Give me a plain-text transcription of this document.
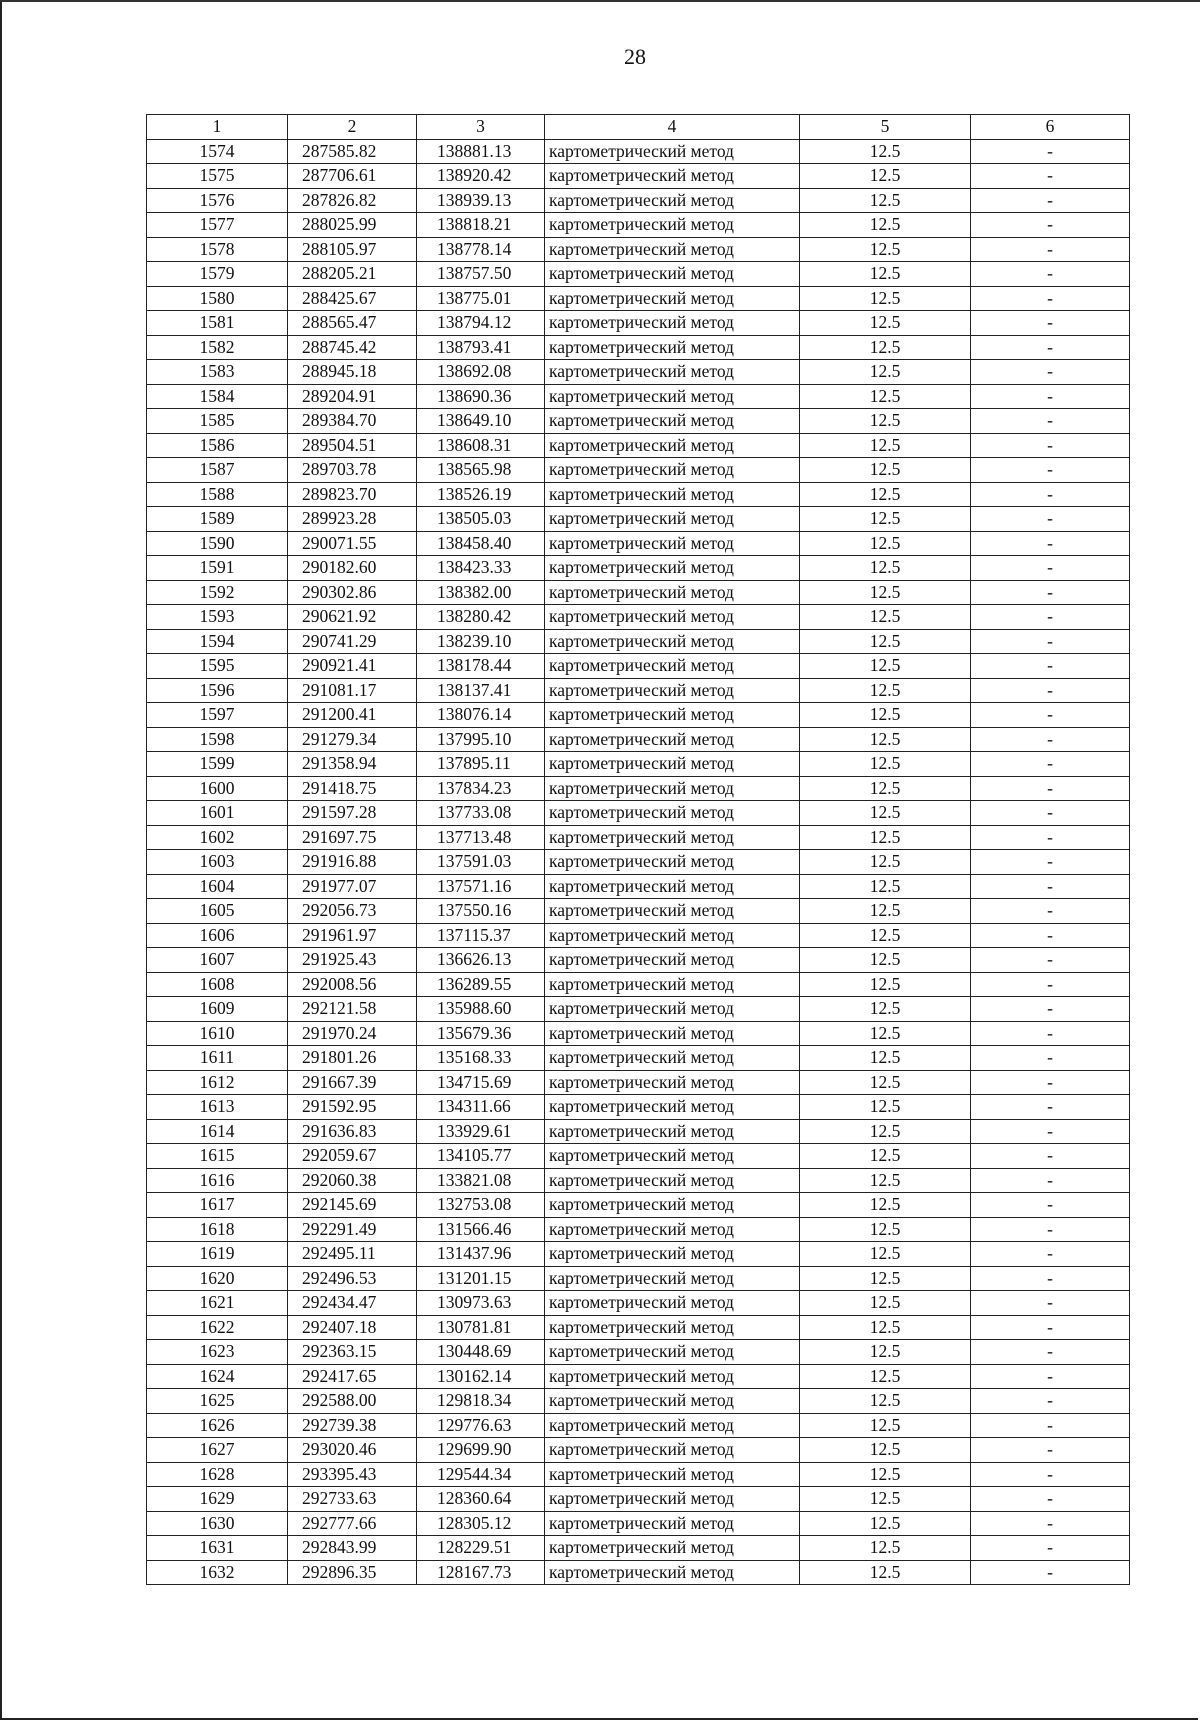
28
1	2	3	4	5	6
1574	287585.82	138881.13	картометрический метод	12.5	-
1575	287706.61	138920.42	картометрический метод	12.5	-
1576	287826.82	138939.13	картометрический метод	12.5	-
1577	288025.99	138818.21	картометрический метод	12.5	-
1578	288105.97	138778.14	картометрический метод	12.5	-
1579	288205.21	138757.50	картометрический метод	12.5	-
1580	288425.67	138775.01	картометрический метод	12.5	-
1581	288565.47	138794.12	картометрический метод	12.5	-
1582	288745.42	138793.41	картометрический метод	12.5	-
1583	288945.18	138692.08	картометрический метод	12.5	-
1584	289204.91	138690.36	картометрический метод	12.5	-
1585	289384.70	138649.10	картометрический метод	12.5	-
1586	289504.51	138608.31	картометрический метод	12.5	-
1587	289703.78	138565.98	картометрический метод	12.5	-
1588	289823.70	138526.19	картометрический метод	12.5	-
1589	289923.28	138505.03	картометрический метод	12.5	-
1590	290071.55	138458.40	картометрический метод	12.5	-
1591	290182.60	138423.33	картометрический метод	12.5	-
1592	290302.86	138382.00	картометрический метод	12.5	-
1593	290621.92	138280.42	картометрический метод	12.5	-
1594	290741.29	138239.10	картометрический метод	12.5	-
1595	290921.41	138178.44	картометрический метод	12.5	-
1596	291081.17	138137.41	картометрический метод	12.5	-
1597	291200.41	138076.14	картометрический метод	12.5	-
1598	291279.34	137995.10	картометрический метод	12.5	-
1599	291358.94	137895.11	картометрический метод	12.5	-
1600	291418.75	137834.23	картометрический метод	12.5	-
1601	291597.28	137733.08	картометрический метод	12.5	-
1602	291697.75	137713.48	картометрический метод	12.5	-
1603	291916.88	137591.03	картометрический метод	12.5	-
1604	291977.07	137571.16	картометрический метод	12.5	-
1605	292056.73	137550.16	картометрический метод	12.5	-
1606	291961.97	137115.37	картометрический метод	12.5	-
1607	291925.43	136626.13	картометрический метод	12.5	-
1608	292008.56	136289.55	картометрический метод	12.5	-
1609	292121.58	135988.60	картометрический метод	12.5	-
1610	291970.24	135679.36	картометрический метод	12.5	-
1611	291801.26	135168.33	картометрический метод	12.5	-
1612	291667.39	134715.69	картометрический метод	12.5	-
1613	291592.95	134311.66	картометрический метод	12.5	-
1614	291636.83	133929.61	картометрический метод	12.5	-
1615	292059.67	134105.77	картометрический метод	12.5	-
1616	292060.38	133821.08	картометрический метод	12.5	-
1617	292145.69	132753.08	картометрический метод	12.5	-
1618	292291.49	131566.46	картометрический метод	12.5	-
1619	292495.11	131437.96	картометрический метод	12.5	-
1620	292496.53	131201.15	картометрический метод	12.5	-
1621	292434.47	130973.63	картометрический метод	12.5	-
1622	292407.18	130781.81	картометрический метод	12.5	-
1623	292363.15	130448.69	картометрический метод	12.5	-
1624	292417.65	130162.14	картометрический метод	12.5	-
1625	292588.00	129818.34	картометрический метод	12.5	-
1626	292739.38	129776.63	картометрический метод	12.5	-
1627	293020.46	129699.90	картометрический метод	12.5	-
1628	293395.43	129544.34	картометрический метод	12.5	-
1629	292733.63	128360.64	картометрический метод	12.5	-
1630	292777.66	128305.12	картометрический метод	12.5	-
1631	292843.99	128229.51	картометрический метод	12.5	-
1632	292896.35	128167.73	картометрический метод	12.5	-
